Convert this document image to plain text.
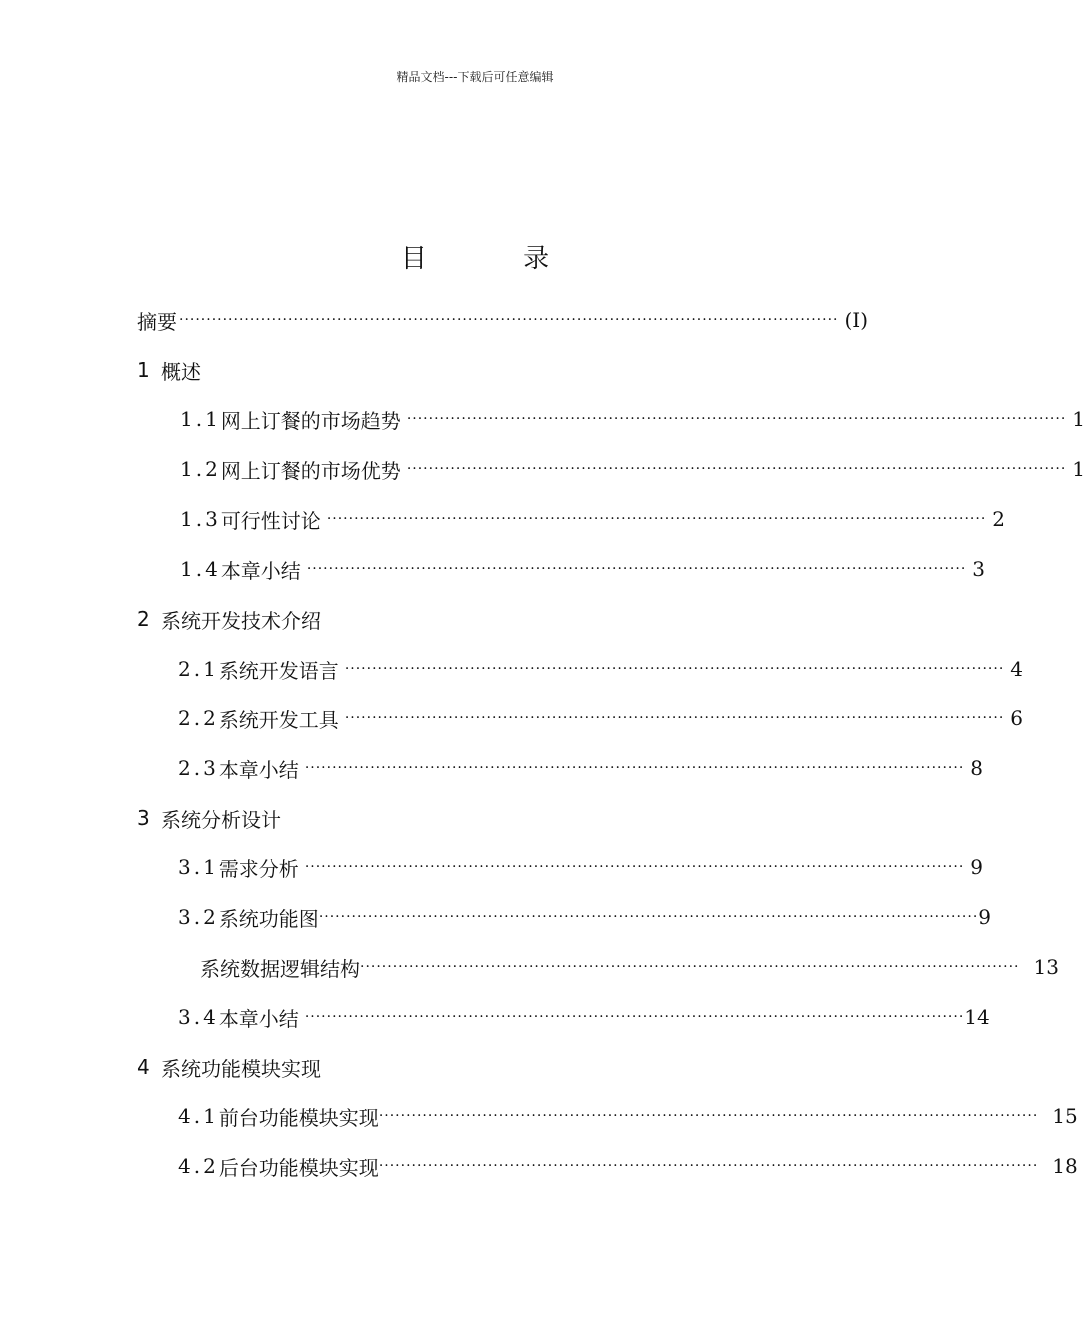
精品文档---下载后可任意编辑
目 录
摘要 ························································································································· (I)
1 概述
1.1 网上订餐的市场趋势 ························································································································· 1
1.2 网上订餐的市场优势 ························································································································· 1
1.3 可行性讨论 ························································································································· 2
1.4 本章小结 ························································································································· 3
2 系统开发技术介绍
2.1 系统开发语言 ························································································································· 4
2.2 系统开发工具 ························································································································· 6
2.3 本章小结 ························································································································· 8
3 系统分析设计
3.1 需求分析 ························································································································· 9
3.2 系统功能图 ························································································································· 9
系统数据逻辑结构 ························································································································· 13
3.4 本章小结 ························································································································· 14
4 系统功能模块实现
4.1 前台功能模块实现 ························································································································· 15
4.2 后台功能模块实现 ························································································································· 18
